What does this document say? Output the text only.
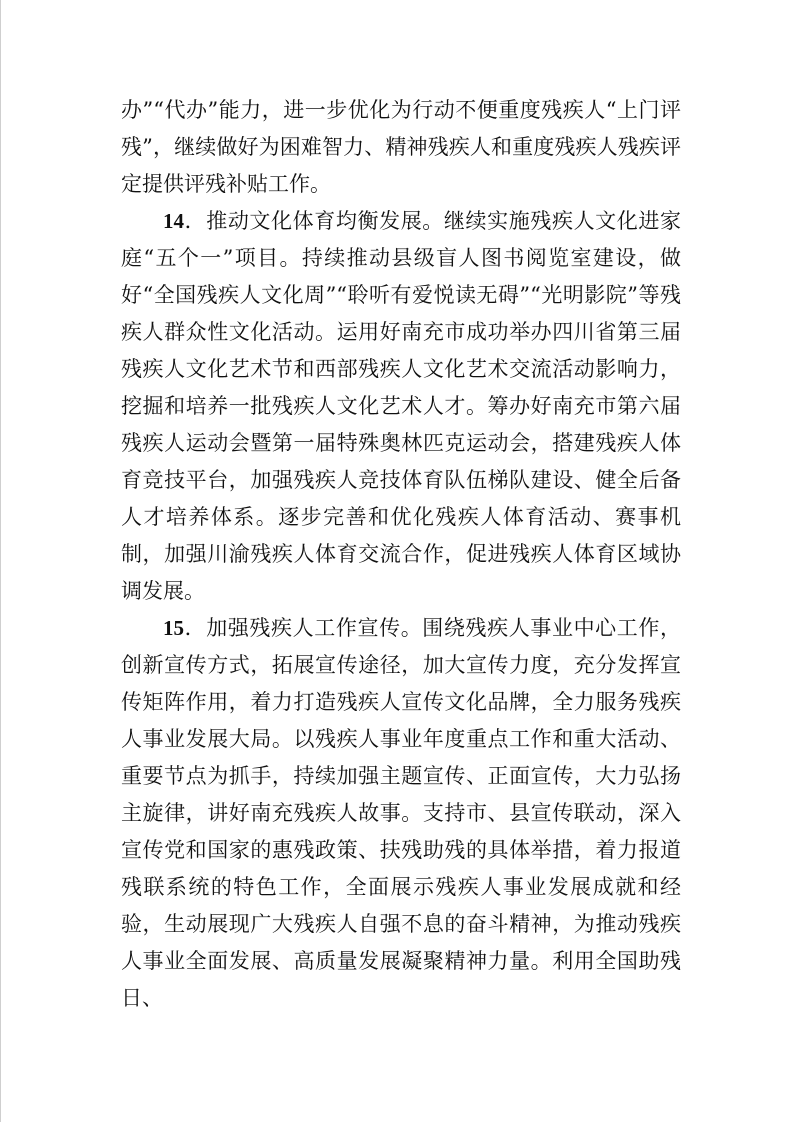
办”“代办”能力，进一步优化为行动不便重度残疾人“上门评残”，继续做好为困难智力、精神残疾人和重度残疾人残疾评定提供评残补贴工作。

14．推动文化体育均衡发展。继续实施残疾人文化进家庭“五个一”项目。持续推动县级盲人图书阅览室建设，做好“全国残疾人文化周”“聆听有爱悦读无碍”“光明影院”等残疾人群众性文化活动。运用好南充市成功举办四川省第三届残疾人文化艺术节和西部残疾人文化艺术交流活动影响力，挖掘和培养一批残疾人文化艺术人才。筹办好南充市第六届残疾人运动会暨第一届特殊奥林匹克运动会，搭建残疾人体育竞技平台，加强残疾人竞技体育队伍梯队建设、健全后备人才培养体系。逐步完善和优化残疾人体育活动、赛事机制，加强川渝残疾人体育交流合作，促进残疾人体育区域协调发展。

15．加强残疾人工作宣传。围绕残疾人事业中心工作，创新宣传方式，拓展宣传途径，加大宣传力度，充分发挥宣传矩阵作用，着力打造残疾人宣传文化品牌，全力服务残疾人事业发展大局。以残疾人事业年度重点工作和重大活动、重要节点为抓手，持续加强主题宣传、正面宣传，大力弘扬主旋律，讲好南充残疾人故事。支持市、县宣传联动，深入宣传党和国家的惠残政策、扶残助残的具体举措，着力报道残联系统的特色工作，全面展示残疾人事业发展成就和经验，生动展现广大残疾人自强不息的奋斗精神，为推动残疾人事业全面发展、高质量发展凝聚精神力量。利用全国助残日、
